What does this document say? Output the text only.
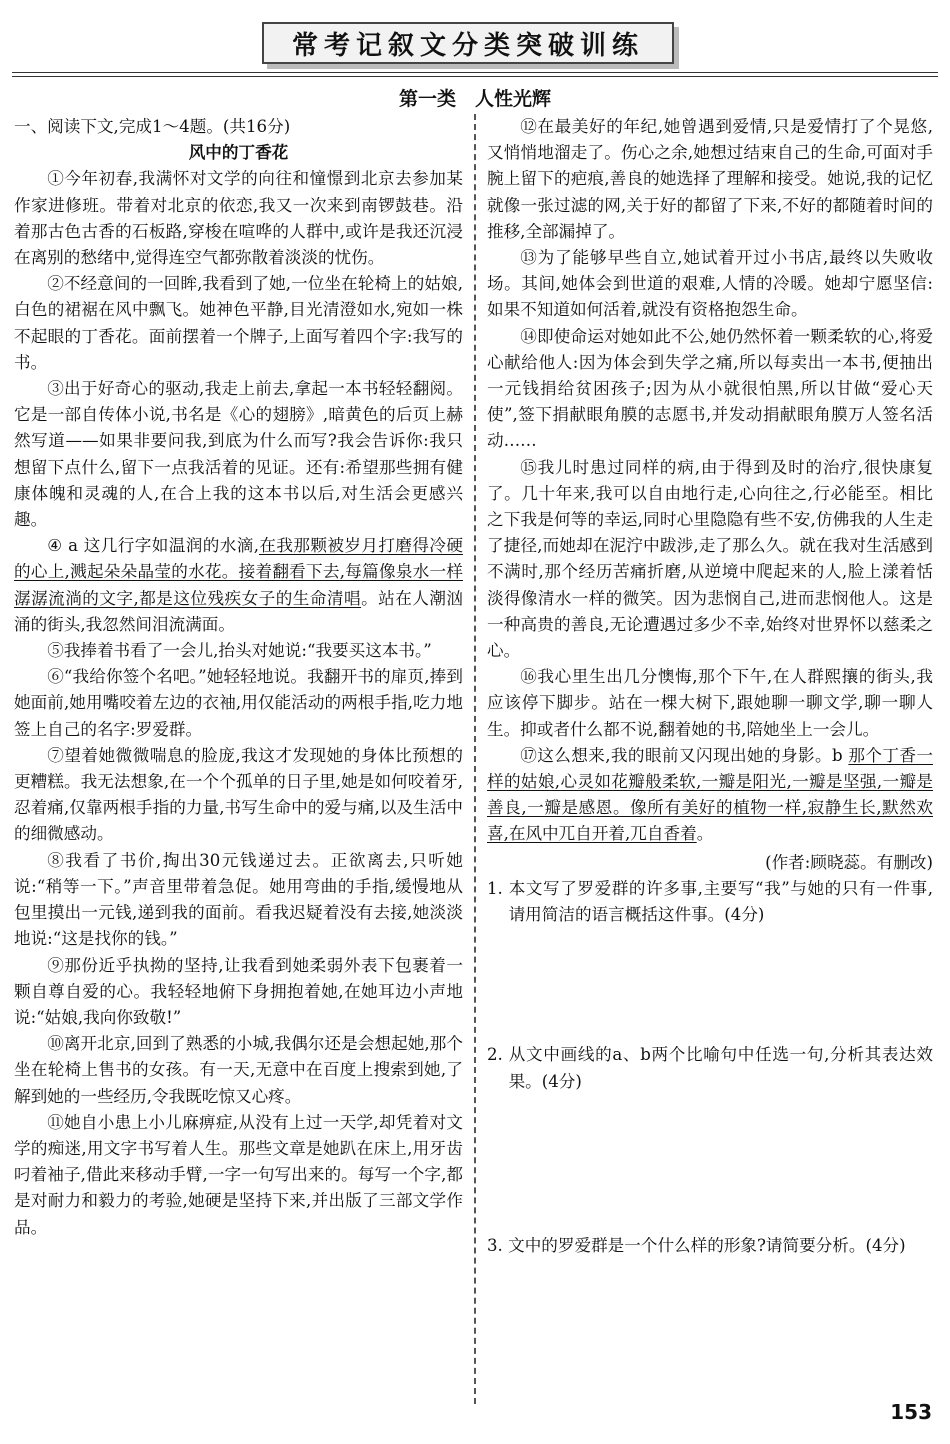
常考记叙文分类突破训练
第一类　人性光辉

一、阅读下文,完成1～4题。(共16分)

风中的丁香花

①今年初春,我满怀对文学的向往和憧憬到北京去参加某作家进修班。带着对北京的依恋,我又一次来到南锣鼓巷。沿着那古色古香的石板路,穿梭在喧哗的人群中,或许是我还沉浸在离别的愁绪中,觉得连空气都弥散着淡淡的忧伤。

②不经意间的一回眸,我看到了她,一位坐在轮椅上的姑娘,白色的裙裾在风中飘飞。她神色平静,目光清澄如水,宛如一株不起眼的丁香花。面前摆着一个牌子,上面写着四个字:我写的书。

③出于好奇心的驱动,我走上前去,拿起一本书轻轻翻阅。它是一部自传体小说,书名是《心的翅膀》,暗黄色的后页上赫然写道——如果非要问我,到底为什么而写?我会告诉你:我只想留下点什么,留下一点我活着的见证。还有:希望那些拥有健康体魄和灵魂的人,在合上我的这本书以后,对生活会更感兴趣。

④ a 这几行字如温润的水滴,在我那颗被岁月打磨得冷硬的心上,溅起朵朵晶莹的水花。接着翻看下去,每篇像泉水一样潺潺流淌的文字,都是这位残疾女子的生命清唱。站在人潮汹涌的街头,我忽然间泪流满面。

⑤我捧着书看了一会儿,抬头对她说:“我要买这本书。”

⑥“我给你签个名吧。”她轻轻地说。我翻开书的扉页,捧到她面前,她用嘴咬着左边的衣袖,用仅能活动的两根手指,吃力地签上自己的名字:罗爱群。

⑦望着她微微喘息的脸庞,我这才发现她的身体比预想的更糟糕。我无法想象,在一个个孤单的日子里,她是如何咬着牙,忍着痛,仅靠两根手指的力量,书写生命中的爱与痛,以及生活中的细微感动。

⑧我看了书价,掏出30元钱递过去。正欲离去,只听她说:“稍等一下。”声音里带着急促。她用弯曲的手指,缓慢地从包里摸出一元钱,递到我的面前。看我迟疑着没有去接,她淡淡地说:“这是找你的钱。”

⑨那份近乎执拗的坚持,让我看到她柔弱外表下包裹着一颗自尊自爱的心。我轻轻地俯下身拥抱着她,在她耳边小声地说:“姑娘,我向你致敬!”

⑩离开北京,回到了熟悉的小城,我偶尔还是会想起她,那个坐在轮椅上售书的女孩。有一天,无意中在百度上搜索到她,了解到她的一些经历,令我既吃惊又心疼。

⑪她自小患上小儿麻痹症,从没有上过一天学,却凭着对文学的痴迷,用文字书写着人生。那些文章是她趴在床上,用牙齿叼着袖子,借此来移动手臂,一字一句写出来的。每写一个字,都是对耐力和毅力的考验,她硬是坚持下来,并出版了三部文学作品。

⑫在最美好的年纪,她曾遇到爱情,只是爱情打了个晃悠,又悄悄地溜走了。伤心之余,她想过结束自己的生命,可面对手腕上留下的疤痕,善良的她选择了理解和接受。她说,我的记忆就像一张过滤的网,关于好的都留了下来,不好的都随着时间的推移,全部漏掉了。

⑬为了能够早些自立,她试着开过小书店,最终以失败收场。其间,她体会到世道的艰难,人情的冷暖。她却宁愿坚信:如果不知道如何活着,就没有资格抱怨生命。

⑭即使命运对她如此不公,她仍然怀着一颗柔软的心,将爱心献给他人:因为体会到失学之痛,所以每卖出一本书,便抽出一元钱捐给贫困孩子;因为从小就很怕黑,所以甘做“爱心天使”,签下捐献眼角膜的志愿书,并发动捐献眼角膜万人签名活动……

⑮我儿时患过同样的病,由于得到及时的治疗,很快康复了。几十年来,我可以自由地行走,心向往之,行必能至。相比之下我是何等的幸运,同时心里隐隐有些不安,仿佛我的人生走了捷径,而她却在泥泞中跋涉,走了那么久。就在我对生活感到不满时,那个经历苦痛折磨,从逆境中爬起来的人,脸上漾着恬淡得像清水一样的微笑。因为悲悯自己,进而悲悯他人。这是一种高贵的善良,无论遭遇过多少不幸,始终对世界怀以慈柔之心。

⑯我心里生出几分懊悔,那个下午,在人群熙攘的街头,我应该停下脚步。站在一棵大树下,跟她聊一聊文学,聊一聊人生。抑或者什么都不说,翻着她的书,陪她坐上一会儿。

⑰这么想来,我的眼前又闪现出她的身影。b 那个丁香一样的姑娘,心灵如花瓣般柔软,一瓣是阳光,一瓣是坚强,一瓣是善良,一瓣是感恩。像所有美好的植物一样,寂静生长,默然欢喜,在风中兀自开着,兀自香着。

(作者:顾晓蕊。有删改)

1. 本文写了罗爱群的许多事,主要写“我”与她的只有一件事,请用简洁的语言概括这件事。(4分)

2. 从文中画线的a、b两个比喻句中任选一句,分析其表达效果。(4分)

3. 文中的罗爱群是一个什么样的形象?请简要分析。(4分)

153
